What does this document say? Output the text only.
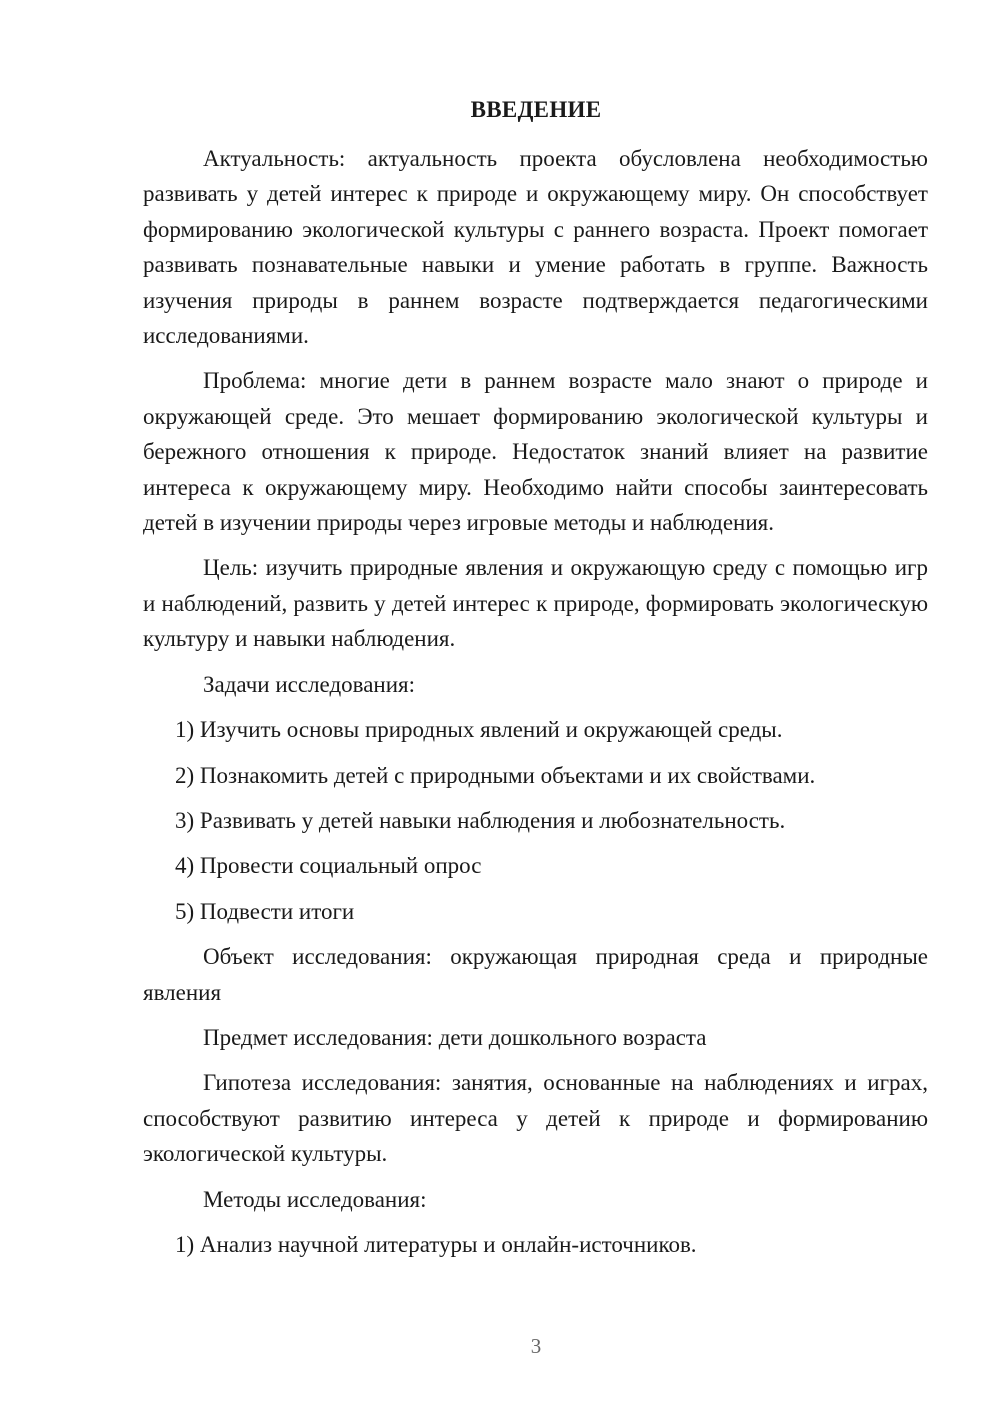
ВВЕДЕНИЕ

Актуальность: актуальность проекта обусловлена необходимостью развивать у детей интерес к природе и окружающему миру. Он способствует формированию экологической культуры с раннего возраста. Проект помогает развивать познавательные навыки и умение работать в группе. Важность изучения природы в раннем возрасте подтверждается педагогическими исследованиями.

Проблема: многие дети в раннем возрасте мало знают о природе и окружающей среде. Это мешает формированию экологической культуры и бережного отношения к природе. Недостаток знаний влияет на развитие интереса к окружающему миру. Необходимо найти способы заинтересовать детей в изучении природы через игровые методы и наблюдения.

Цель: изучить природные явления и окружающую среду с помощью игр и наблюдений, развить у детей интерес к природе, формировать экологическую культуру и навыки наблюдения.

Задачи исследования:

1) Изучить основы природных явлений и окружающей среды.

2) Познакомить детей с природными объектами и их свойствами.

3) Развивать у детей навыки наблюдения и любознательность.

4) Провести социальный опрос

5) Подвести итоги

Объект исследования: окружающая природная среда и природные явления

Предмет исследования: дети дошкольного возраста

Гипотеза исследования: занятия, основанные на наблюдениях и играх, способствуют развитию интереса у детей к природе и формированию экологической культуры.

Методы исследования:

1) Анализ научной литературы и онлайн-источников.

3
